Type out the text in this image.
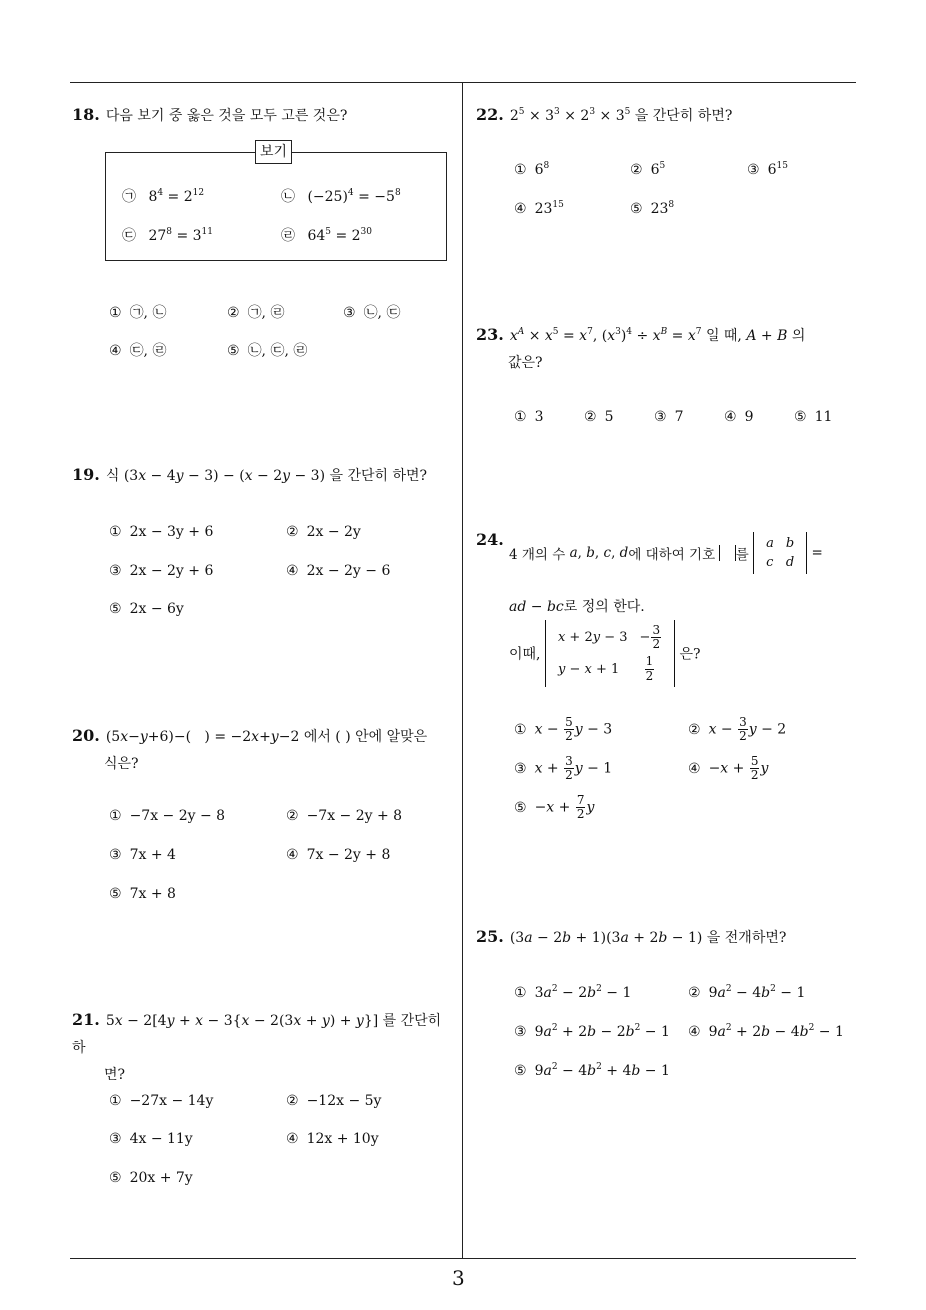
18. 다음 보기 중 옳은 것을 모두 고른 것은?
보기
㉠ $8^4 = 2^{12}$	㉡ $(-25)^4 = -5^8$
㉢ $27^8 = 3^{11}$	㉣ $64^5 = 2^{30}$
① ㉠, ㉡	② ㉠, ㉣	③ ㉡, ㉢
④ ㉢, ㉣	⑤ ㉡, ㉢, ㉣
19. 식 (3x − 4y − 3) − (x − 2y − 3) 을 간단히 하면?
① 2x − 3y + 6	② 2x − 2y
③ 2x − 2y + 6	④ 2x − 2y − 6
⑤ 2x − 6y
20. (5x−y+6)−(   ) = −2x+y−2 에서 ( ) 안에 알맞은
식은?
① −7x − 2y − 8	② −7x − 2y + 8
③ 7x + 4	④ 7x − 2y + 8
⑤ 7x + 8
21. 5x − 2[4y + x − 3{x − 2(3x + y) + y}] 를 간단히 하
면?
① −27x − 14y	② −12x − 5y
③ 4x − 11y	④ 12x + 10y
⑤ 20x + 7y
22. $2^5 \times 3^3 \times 2^3 \times 3^5$ 을 간단히 하면?
① $6^8$	② $6^5$	③ $6^{15}$
④ $23^{15}$	⑤ $23^8$
23. $x^A \times x^5 = x^7$, $(x^3)^4 \div x^B = x^7$ 일 때, A + B 의
값은?
① 3	② 5	③ 7	④ 9	⑤ 11
24.
4 개의 수 a, b, c, d에 대하여 기호 를
a	b
c	d
=
ad − bc로 정의 한다.
이때,
x + 2y − 3	− $\frac{3}{2}$

y − x + 1	$\frac{1}{2}$
은?
① $x - \frac{5}{2}$ y − 3	② $x - \frac{3}{2}$ y − 2
③ $x + \frac{3}{2}$ y − 1	④ $-x + \frac{5}{2}$ y
⑤ $-x + \frac{7}{2}$ y
25. (3a − 2b + 1)(3a + 2b − 1) 을 전개하면?
① $3a^2 - 2b^2 - 1$	② $9a^2 - 4b^2 - 1$
③ $9a^2 + 2b - 2b^2 - 1$ ④ $9a^2 + 2b - 4b^2 - 1$
⑤ $9a^2 - 4b^2 + 4b - 1$
3
